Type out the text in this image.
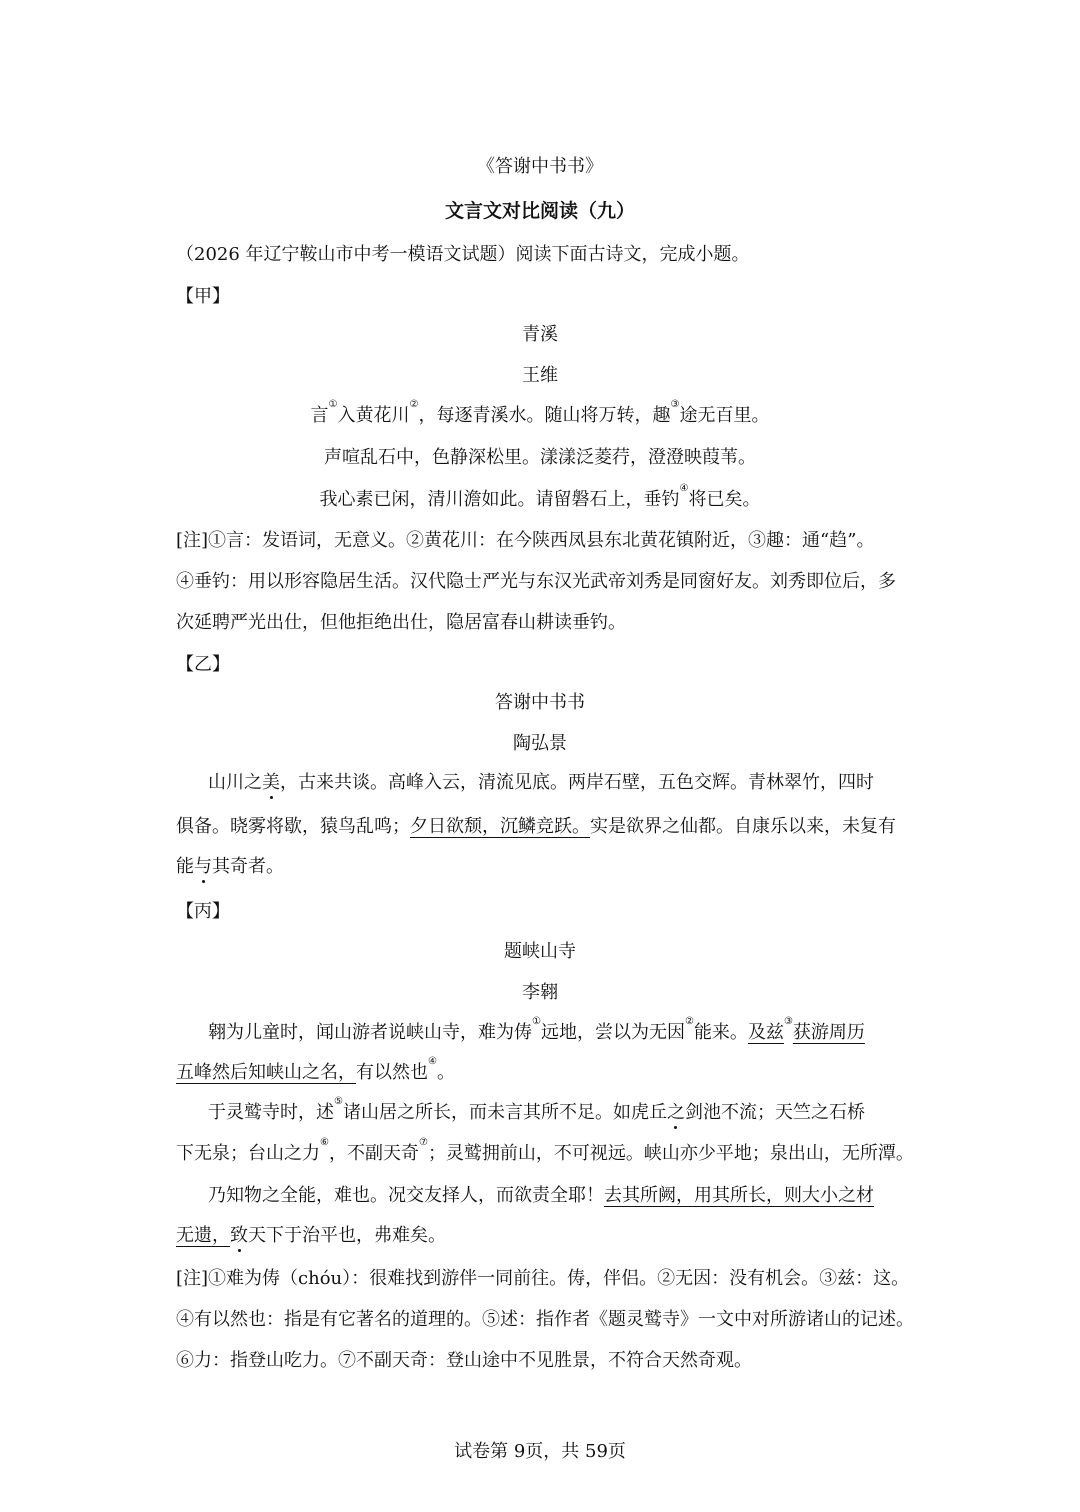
《答谢中书书》
文言文对比阅读（九）
（2026 年辽宁鞍山市中考一模语文试题）阅读下面古诗文，完成小题。
【甲】
青溪
王维
言①入黄花川②，每逐青溪水。随山将万转，趣③途无百里。
声喧乱石中，色静深松里。漾漾泛菱荇，澄澄映葭苇。
我心素已闲，清川澹如此。请留磐石上，垂钓④将已矣。
[注]①言：发语词，无意义。②黄花川：在今陕西凤县东北黄花镇附近，③趣：通“趋”。
④垂钓：用以形容隐居生活。汉代隐士严光与东汉光武帝刘秀是同窗好友。刘秀即位后，多
次延聘严光出仕，但他拒绝出仕，隐居富春山耕读垂钓。
【乙】
答谢中书书
陶弘景
山川之美，古来共谈。高峰入云，清流见底。两岸石壁，五色交辉。青林翠竹，四时
俱备。晓雾将歇，猿鸟乱鸣；夕日欲颓，沉鳞竞跃。实是欲界之仙都。自康乐以来，未复有
能与其奇者。
【丙】
题峡山寺
李翱
翱为儿童时，闻山游者说峡山寺，难为俦①远地，尝以为无因②能来。及兹③获游周历
五峰然后知峡山之名，有以然也④。
于灵鹫寺时，述⑤诸山居之所长，而未言其所不足。如虎丘之剑池不流；天竺之石桥
下无泉；台山之力⑥，不副天奇⑦；灵鹫拥前山，不可视远。峡山亦少平地；泉出山，无所潭。
乃知物之全能，难也。况交友择人，而欲责全耶！去其所阙，用其所长，则大小之材
无遗，致天下于治平也，弗难矣。
[注]①难为俦（chóu）：很难找到游伴一同前往。俦，伴侣。②无因：没有机会。③兹：这。
④有以然也：指是有它著名的道理的。⑤述：指作者《题灵鹫寺》一文中对所游诸山的记述。
⑥力：指登山吃力。⑦不副天奇：登山途中不见胜景，不符合天然奇观。
试卷第 9页，共 59页
